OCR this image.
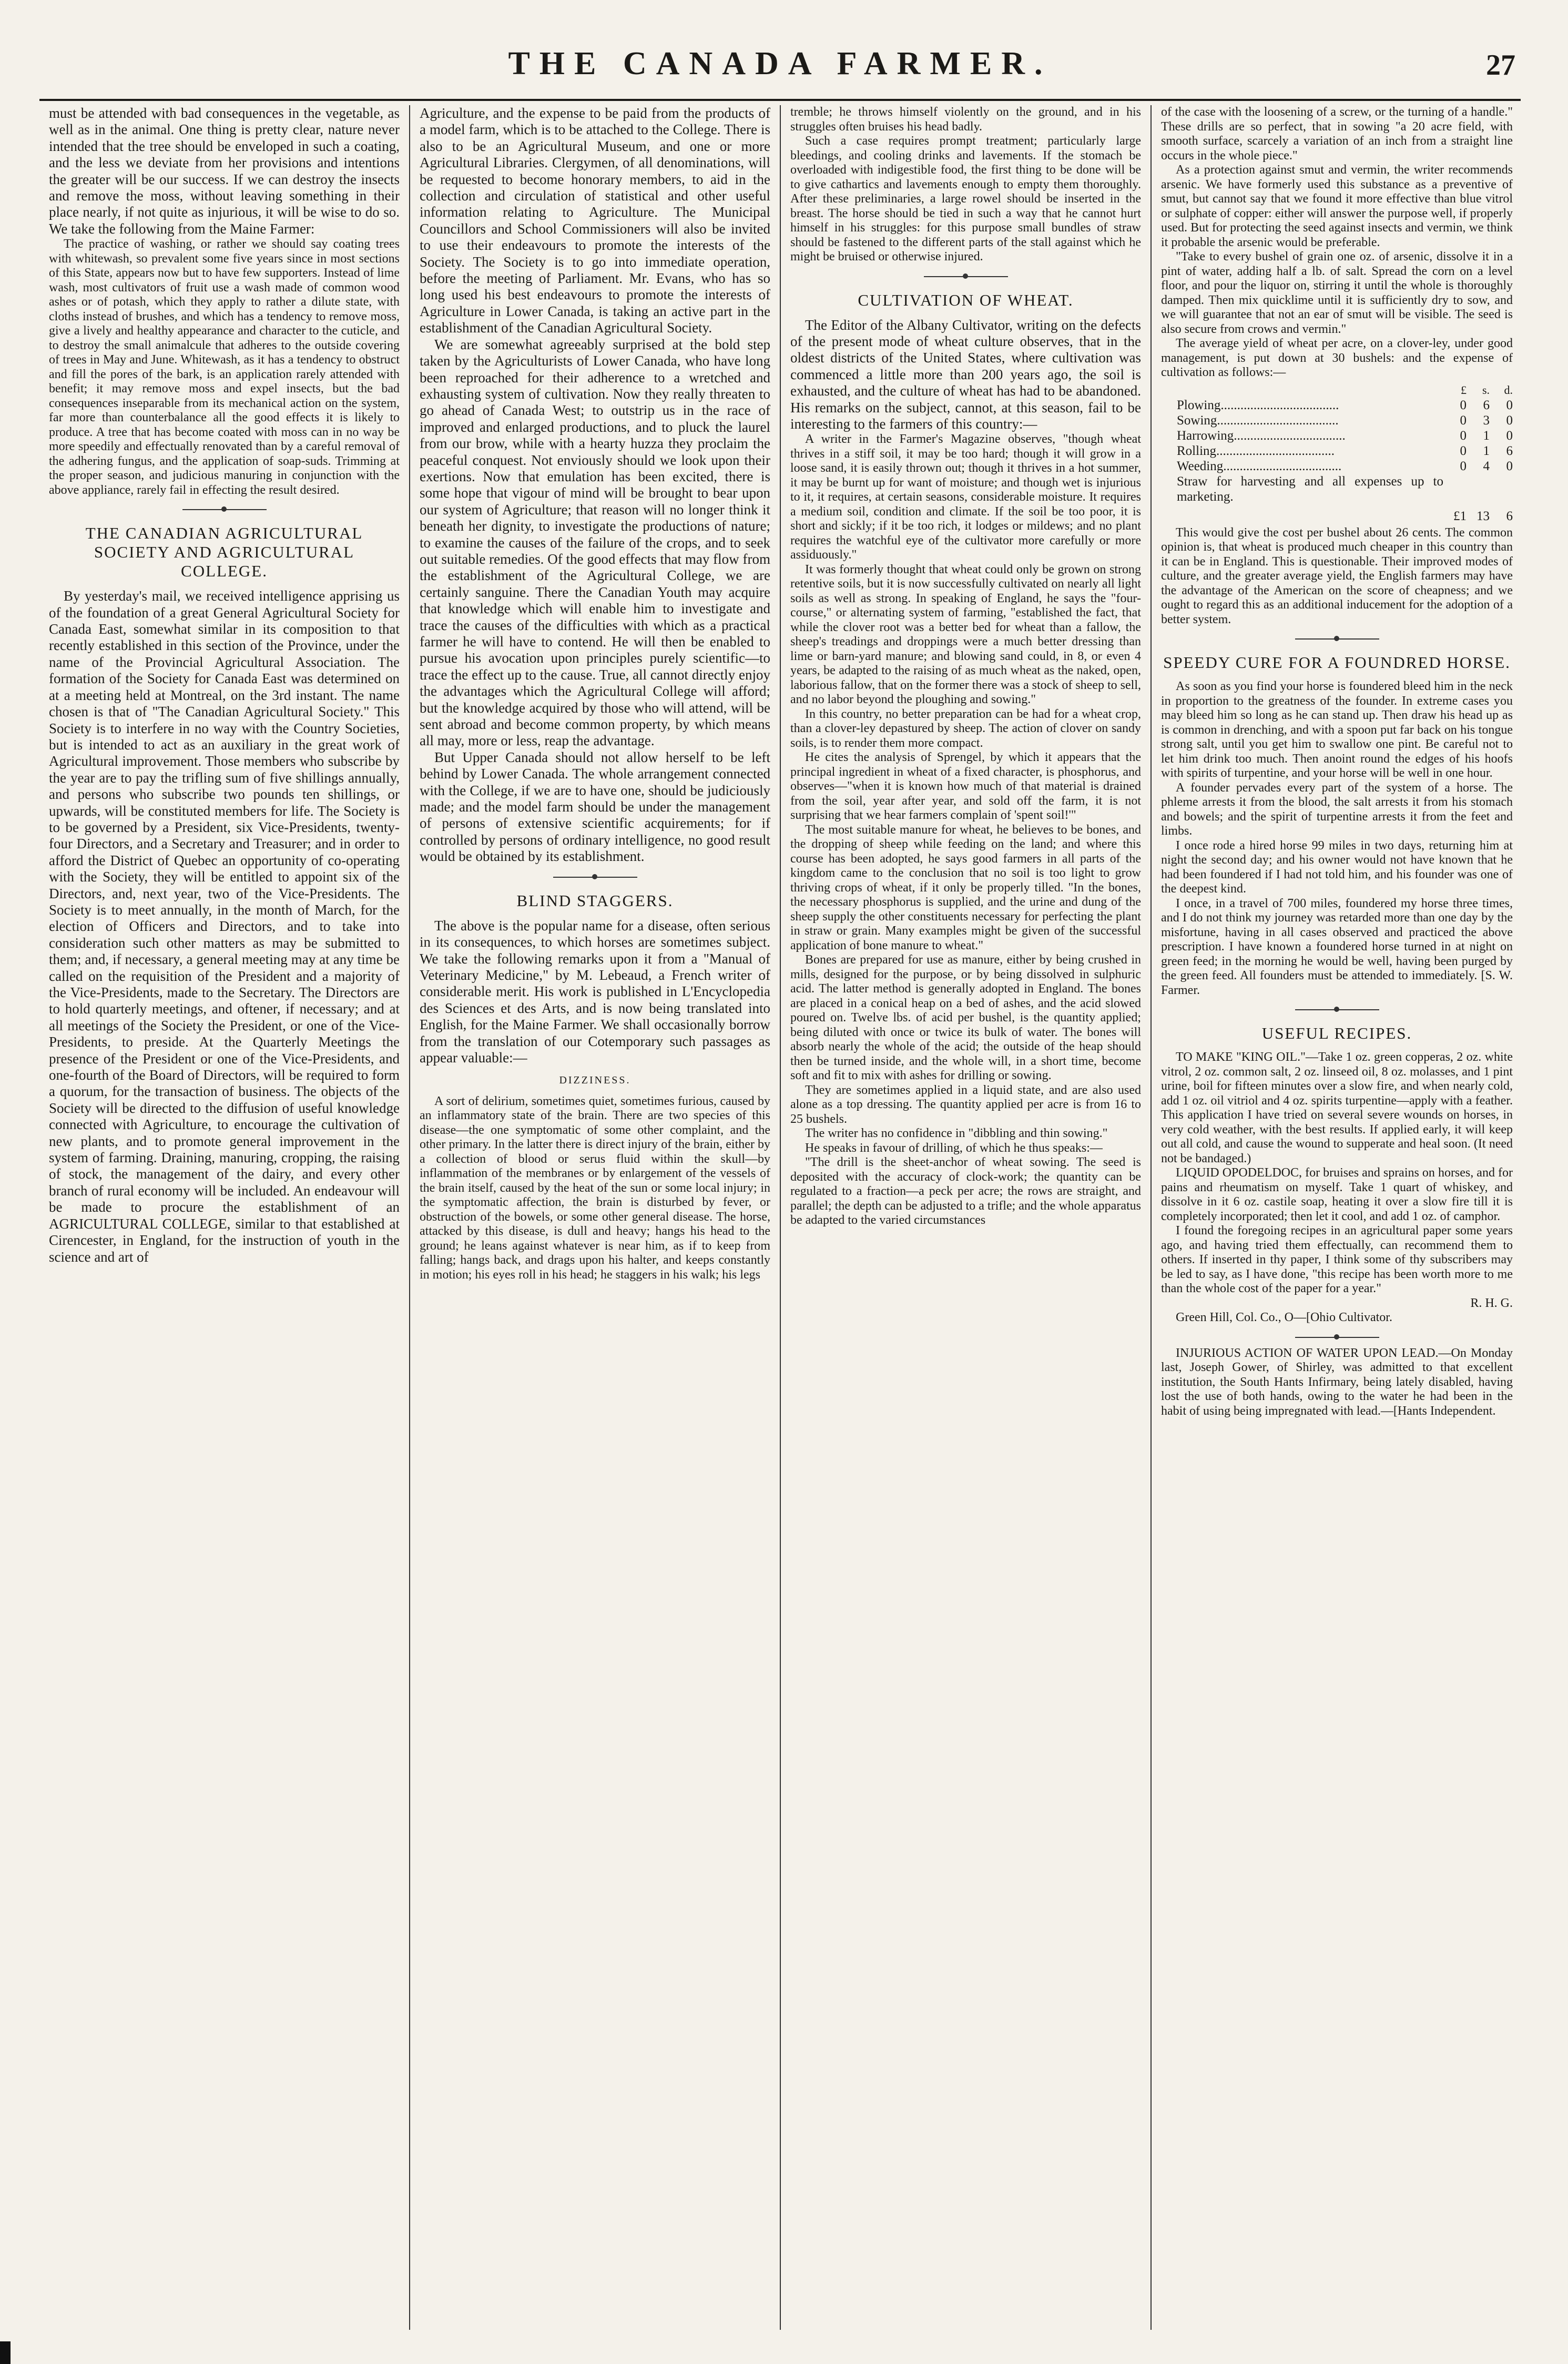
THE CANADA FARMER.	27

must be attended with bad consequences in the vegetable, as well as in the animal. One thing is pretty clear, nature never intended that the tree should be enveloped in such a coating, and the less we deviate from her provisions and intentions the greater will be our success. If we can destroy the insects and remove the moss, without leaving something in their place nearly, if not quite as injurious, it will be wise to do so. We take the following from the Maine Farmer:

The practice of washing, or rather we should say coating trees with whitewash, so prevalent some five years since in most sections of this State, appears now but to have few supporters. Instead of lime wash, most cultivators of fruit use a wash made of common wood ashes or of potash, which they apply to rather a dilute state, with cloths instead of brushes, and which has a tendency to remove moss, give a lively and healthy appearance and character to the cuticle, and to destroy the small animalcule that adheres to the outside covering of trees in May and June. Whitewash, as it has a tendency to obstruct and fill the pores of the bark, is an application rarely attended with benefit; it may remove moss and expel insects, but the bad consequences inseparable from its mechanical action on the system, far more than counterbalance all the good effects it is likely to produce. A tree that has become coated with moss can in no way be more speedily and effectually renovated than by a careful removal of the adhering fungus, and the application of soap-suds. Trimming at the proper season, and judicious manuring in conjunction with the above appliance, rarely fail in effecting the result desired.

THE CANADIAN AGRICULTURAL SOCIETY AND AGRICULTURAL COLLEGE.

By yesterday's mail, we received intelligence apprising us of the foundation of a great General Agricultural Society for Canada East, somewhat similar in its composition to that recently established in this section of the Province, under the name of the Provincial Agricultural Association. The formation of the Society for Canada East was determined on at a meeting held at Montreal, on the 3rd instant. The name chosen is that of "The Canadian Agricultural Society." This Society is to interfere in no way with the Country Societies, but is intended to act as an auxiliary in the great work of Agricultural improvement. Those members who subscribe by the year are to pay the trifling sum of five shillings annually, and persons who subscribe two pounds ten shillings, or upwards, will be constituted members for life. The Society is to be governed by a President, six Vice-Presidents, twenty-four Directors, and a Secretary and Treasurer; and in order to afford the District of Quebec an opportunity of co-operating with the Society, they will be entitled to appoint six of the Directors, and, next year, two of the Vice-Presidents. The Society is to meet annually, in the month of March, for the election of Officers and Directors, and to take into consideration such other matters as may be submitted to them; and, if necessary, a general meeting may at any time be called on the requisition of the President and a majority of the Vice-Presidents, made to the Secretary. The Directors are to hold quarterly meetings, and oftener, if necessary; and at all meetings of the Society the President, or one of the Vice-Presidents, to preside. At the Quarterly Meetings the presence of the President or one of the Vice-Presidents, and one-fourth of the Board of Directors, will be required to form a quorum, for the transaction of business. The objects of the Society will be directed to the diffusion of useful knowledge connected with Agriculture, to encourage the cultivation of new plants, and to promote general improvement in the system of farming. Draining, manuring, cropping, the raising of stock, the management of the dairy, and every other branch of rural economy will be included. An endeavour will be made to procure the establishment of an AGRICULTURAL COLLEGE, similar to that established at Cirencester, in England, for the instruction of youth in the science and art of

Agriculture, and the expense to be paid from the products of a model farm, which is to be attached to the College. There is also to be an Agricultural Museum, and one or more Agricultural Libraries. Clergymen, of all denominations, will be requested to become honorary members, to aid in the collection and circulation of statistical and other useful information relating to Agriculture. The Municipal Councillors and School Commissioners will also be invited to use their endeavours to promote the interests of the Society. The Society is to go into immediate operation, before the meeting of Parliament. Mr. Evans, who has so long used his best endeavours to promote the interests of Agriculture in Lower Canada, is taking an active part in the establishment of the Canadian Agricultural Society.

We are somewhat agreeably surprised at the bold step taken by the Agriculturists of Lower Canada, who have long been reproached for their adherence to a wretched and exhausting system of cultivation. Now they really threaten to go ahead of Canada West; to outstrip us in the race of improved and enlarged productions, and to pluck the laurel from our brow, while with a hearty huzza they proclaim the peaceful conquest. Not enviously should we look upon their exertions. Now that emulation has been excited, there is some hope that vigour of mind will be brought to bear upon our system of Agriculture; that reason will no longer think it beneath her dignity, to investigate the productions of nature; to examine the causes of the failure of the crops, and to seek out suitable remedies. Of the good effects that may flow from the establishment of the Agricultural College, we are certainly sanguine. There the Canadian Youth may acquire that knowledge which will enable him to investigate and trace the causes of the difficulties with which as a practical farmer he will have to contend. He will then be enabled to pursue his avocation upon principles purely scientific—to trace the effect up to the cause. True, all cannot directly enjoy the advantages which the Agricultural College will afford; but the knowledge acquired by those who will attend, will be sent abroad and become common property, by which means all may, more or less, reap the advantage.

But Upper Canada should not allow herself to be left behind by Lower Canada. The whole arrangement connected with the College, if we are to have one, should be judiciously made; and the model farm should be under the management of persons of extensive scientific acquirements; for if controlled by persons of ordinary intelligence, no good result would be obtained by its establishment.

BLIND STAGGERS.

The above is the popular name for a disease, often serious in its consequences, to which horses are sometimes subject. We take the following remarks upon it from a "Manual of Veterinary Medicine," by M. Lebeaud, a French writer of considerable merit. His work is published in L'Encyclopedia des Sciences et des Arts, and is now being translated into English, for the Maine Farmer. We shall occasionally borrow from the translation of our Cotemporary such passages as appear valuable:—

DIZZINESS.

A sort of delirium, sometimes quiet, sometimes furious, caused by an inflammatory state of the brain. There are two species of this disease—the one symptomatic of some other complaint, and the other primary. In the latter there is direct injury of the brain, either by a collection of blood or serus fluid within the skull—by inflammation of the membranes or by enlargement of the vessels of the brain itself, caused by the heat of the sun or some local injury; in the symptomatic affection, the brain is disturbed by fever, or obstruction of the bowels, or some other general disease. The horse, attacked by this disease, is dull and heavy; hangs his head to the ground; he leans against whatever is near him, as if to keep from falling; hangs back, and drags upon his halter, and keeps constantly in motion; his eyes roll in his head; he staggers in his walk; his legs

tremble; he throws himself violently on the ground, and in his struggles often bruises his head badly.

Such a case requires prompt treatment; particularly large bleedings, and cooling drinks and lavements. If the stomach be overloaded with indigestible food, the first thing to be done will be to give cathartics and lavements enough to empty them thoroughly. After these preliminaries, a large rowel should be inserted in the breast. The horse should be tied in such a way that he cannot hurt himself in his struggles: for this purpose small bundles of straw should be fastened to the different parts of the stall against which he might be bruised or otherwise injured.

CULTIVATION OF WHEAT.

The Editor of the Albany Cultivator, writing on the defects of the present mode of wheat culture observes, that in the oldest districts of the United States, where cultivation was commenced a little more than 200 years ago, the soil is exhausted, and the culture of wheat has had to be abandoned. His remarks on the subject, cannot, at this season, fail to be interesting to the farmers of this country:—

A writer in the Farmer's Magazine observes, "though wheat thrives in a stiff soil, it may be too hard; though it will grow in a loose sand, it is easily thrown out; though it thrives in a hot summer, it may be burnt up for want of moisture; and though wet is injurious to it, it requires, at certain seasons, considerable moisture. It requires a medium soil, condition and climate. If the soil be too poor, it is short and sickly; if it be too rich, it lodges or mildews; and no plant requires the watchful eye of the cultivator more carefully or more assiduously."

It was formerly thought that wheat could only be grown on strong retentive soils, but it is now successfully cultivated on nearly all light soils as well as strong. In speaking of England, he says the "four-course," or alternating system of farming, "established the fact, that while the clover root was a better bed for wheat than a fallow, the sheep's treadings and droppings were a much better dressing than lime or barn-yard manure; and blowing sand could, in 8, or even 4 years, be adapted to the raising of as much wheat as the naked, open, laborious fallow, that on the former there was a stock of sheep to sell, and no labor beyond the ploughing and sowing."

In this country, no better preparation can be had for a wheat crop, than a clover-ley depastured by sheep. The action of clover on sandy soils, is to render them more compact.

He cites the analysis of Sprengel, by which it appears that the principal ingredient in wheat of a fixed character, is phosphorus, and observes—"when it is known how much of that material is drained from the soil, year after year, and sold off the farm, it is not surprising that we hear farmers complain of 'spent soil!'"

The most suitable manure for wheat, he believes to be bones, and the dropping of sheep while feeding on the land; and where this course has been adopted, he says good farmers in all parts of the kingdom came to the conclusion that no soil is too light to grow thriving crops of wheat, if it only be properly tilled. "In the bones, the necessary phosphorus is supplied, and the urine and dung of the sheep supply the other constituents necessary for perfecting the plant in straw or grain. Many examples might be given of the successful application of bone manure to wheat."

Bones are prepared for use as manure, either by being crushed in mills, designed for the purpose, or by being dissolved in sulphuric acid. The latter method is generally adopted in England. The bones are placed in a conical heap on a bed of ashes, and the acid slowed poured on. Twelve lbs. of acid per bushel, is the quantity applied; being diluted with once or twice its bulk of water. The bones will absorb nearly the whole of the acid; the outside of the heap should then be turned inside, and the whole will, in a short time, become soft and fit to mix with ashes for drilling or sowing.

They are sometimes applied in a liquid state, and are also used alone as a top dressing. The quantity applied per acre is from 16 to 25 bushels.

The writer has no confidence in "dibbling and thin sowing."

He speaks in favour of drilling, of which he thus speaks:—

"The drill is the sheet-anchor of wheat sowing. The seed is deposited with the accuracy of clock-work; the quantity can be regulated to a fraction—a peck per acre; the rows are straight, and parallel; the depth can be adjusted to a trifle; and the whole apparatus be adapted to the varied circumstances

of the case with the loosening of a screw, or the turning of a handle." These drills are so perfect, that in sowing "a 20 acre field, with smooth surface, scarcely a variation of an inch from a straight line occurs in the whole piece."

As a protection against smut and vermin, the writer recommends arsenic. We have formerly used this substance as a preventive of smut, but cannot say that we found it more effective than blue vitrol or sulphate of copper: either will answer the purpose well, if properly used. But for protecting the seed against insects and vermin, we think it probable the arsenic would be preferable.

"Take to every bushel of grain one oz. of arsenic, dissolve it in a pint of water, adding half a lb. of salt. Spread the corn on a level floor, and pour the liquor on, stirring it until the whole is thoroughly damped. Then mix quicklime until it is sufficiently dry to sow, and we will guarantee that not an ear of smut will be visible. The seed is also secure from crows and vermin."

The average yield of wheat per acre, on a clover-ley, under good management, is put down at 30 bushels: and the expense of cultivation as follows:—

	£	s.	d.
Plowing....................................	0	6	0
Sowing.....................................	0	3	0
Harrowing..................................	0	1	0
Rolling....................................	0	1	6
Weeding....................................	0	4	0
Straw for harvesting and all expenses up to marketing.			
	£1	13	6

This would give the cost per bushel about 26 cents. The common opinion is, that wheat is produced much cheaper in this country than it can be in England. This is questionable. Their improved modes of culture, and the greater average yield, the English farmers may have the advantage of the American on the score of cheapness; and we ought to regard this as an additional inducement for the adoption of a better system.

SPEEDY CURE FOR A FOUNDRED HORSE.

As soon as you find your horse is foundered bleed him in the neck in proportion to the greatness of the founder. In extreme cases you may bleed him so long as he can stand up. Then draw his head up as is common in drenching, and with a spoon put far back on his tongue strong salt, until you get him to swallow one pint. Be careful not to let him drink too much. Then anoint round the edges of his hoofs with spirits of turpentine, and your horse will be well in one hour.

A founder pervades every part of the system of a horse. The phleme arrests it from the blood, the salt arrests it from his stomach and bowels; and the spirit of turpentine arrests it from the feet and limbs.

I once rode a hired horse 99 miles in two days, returning him at night the second day; and his owner would not have known that he had been foundered if I had not told him, and his founder was one of the deepest kind.

I once, in a travel of 700 miles, foundered my horse three times, and I do not think my journey was retarded more than one day by the misfortune, having in all cases observed and practiced the above prescription. I have known a foundered horse turned in at night on green feed; in the morning he would be well, having been purged by the green feed. All founders must be attended to immediately. [S. W. Farmer.

USEFUL RECIPES.

TO MAKE "KING OIL."—Take 1 oz. green copperas, 2 oz. white vitrol, 2 oz. common salt, 2 oz. linseed oil, 8 oz. molasses, and 1 pint urine, boil for fifteen minutes over a slow fire, and when nearly cold, add 1 oz. oil vitriol and 4 oz. spirits turpentine—apply with a feather. This application I have tried on several severe wounds on horses, in very cold weather, with the best results. If applied early, it will keep out all cold, and cause the wound to supperate and heal soon. (It need not be bandaged.)

LIQUID OPODELDOC, for bruises and sprains on horses, and for pains and rheumatism on myself. Take 1 quart of whiskey, and dissolve in it 6 oz. castile soap, heating it over a slow fire till it is completely incorporated; then let it cool, and add 1 oz. of camphor.

I found the foregoing recipes in an agricultural paper some years ago, and having tried them effectually, can recommend them to others. If inserted in thy paper, I think some of thy subscribers may be led to say, as I have done, "this recipe has been worth more to me than the whole cost of the paper for a year."

R. H. G.

Green Hill, Col. Co., O—[Ohio Cultivator.

INJURIOUS ACTION OF WATER UPON LEAD.—On Monday last, Joseph Gower, of Shirley, was admitted to that excellent institution, the South Hants Infirmary, being lately disabled, having lost the use of both hands, owing to the water he had been in the habit of using being impregnated with lead.—[Hants Independent.
